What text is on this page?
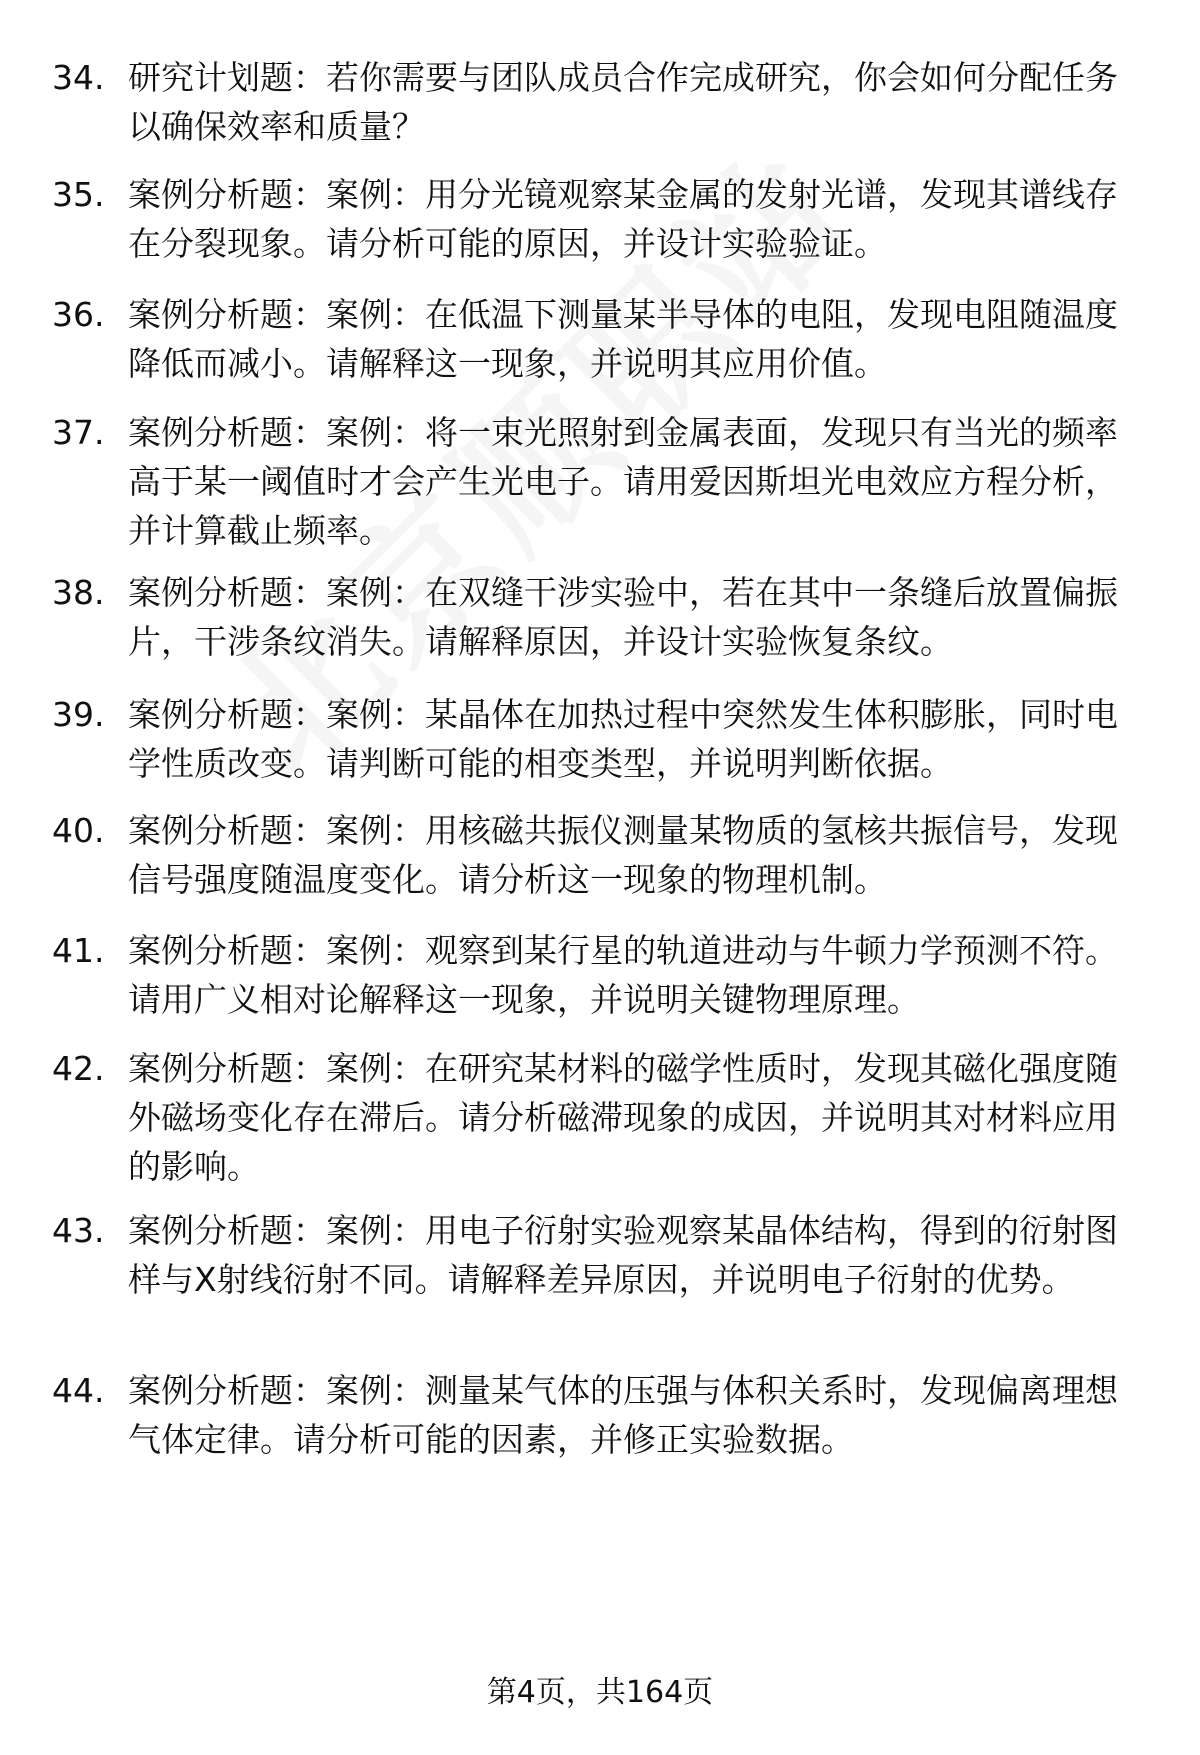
34. 研究计划题：若你需要与团队成员合作完成研究，你会如何分配任务以确保效率和质量？
35. 案例分析题：案例：用分光镜观察某金属的发射光谱，发现其谱线存在分裂现象。请分析可能的原因，并设计实验验证。
36. 案例分析题：案例：在低温下测量某半导体的电阻，发现电阻随温度降低而减小。请解释这一现象，并说明其应用价值。
37. 案例分析题：案例：将一束光照射到金属表面，发现只有当光的频率高于某一阈值时才会产生光电子。请用爱因斯坦光电效应方程分析，并计算截止频率。
38. 案例分析题：案例：在双缝干涉实验中，若在其中一条缝后放置偏振片，干涉条纹消失。请解释原因，并设计实验恢复条纹。
39. 案例分析题：案例：某晶体在加热过程中突然发生体积膨胀，同时电学性质改变。请判断可能的相变类型，并说明判断依据。
40. 案例分析题：案例：用核磁共振仪测量某物质的氢核共振信号，发现信号强度随温度变化。请分析这一现象的物理机制。
41. 案例分析题：案例：观察到某行星的轨道进动与牛顿力学预测不符。请用广义相对论解释这一现象，并说明关键物理原理。
42. 案例分析题：案例：在研究某材料的磁学性质时，发现其磁化强度随外磁场变化存在滞后。请分析磁滞现象的成因，并说明其对材料应用的影响。
43. 案例分析题：案例：用电子衍射实验观察某晶体结构，得到的衍射图样与X射线衍射不同。请解释差异原因，并说明电子衍射的优势。
44. 案例分析题：案例：测量某气体的压强与体积关系时，发现偏离理想气体定律。请分析可能的因素，并修正实验数据。
第4页，共164页
